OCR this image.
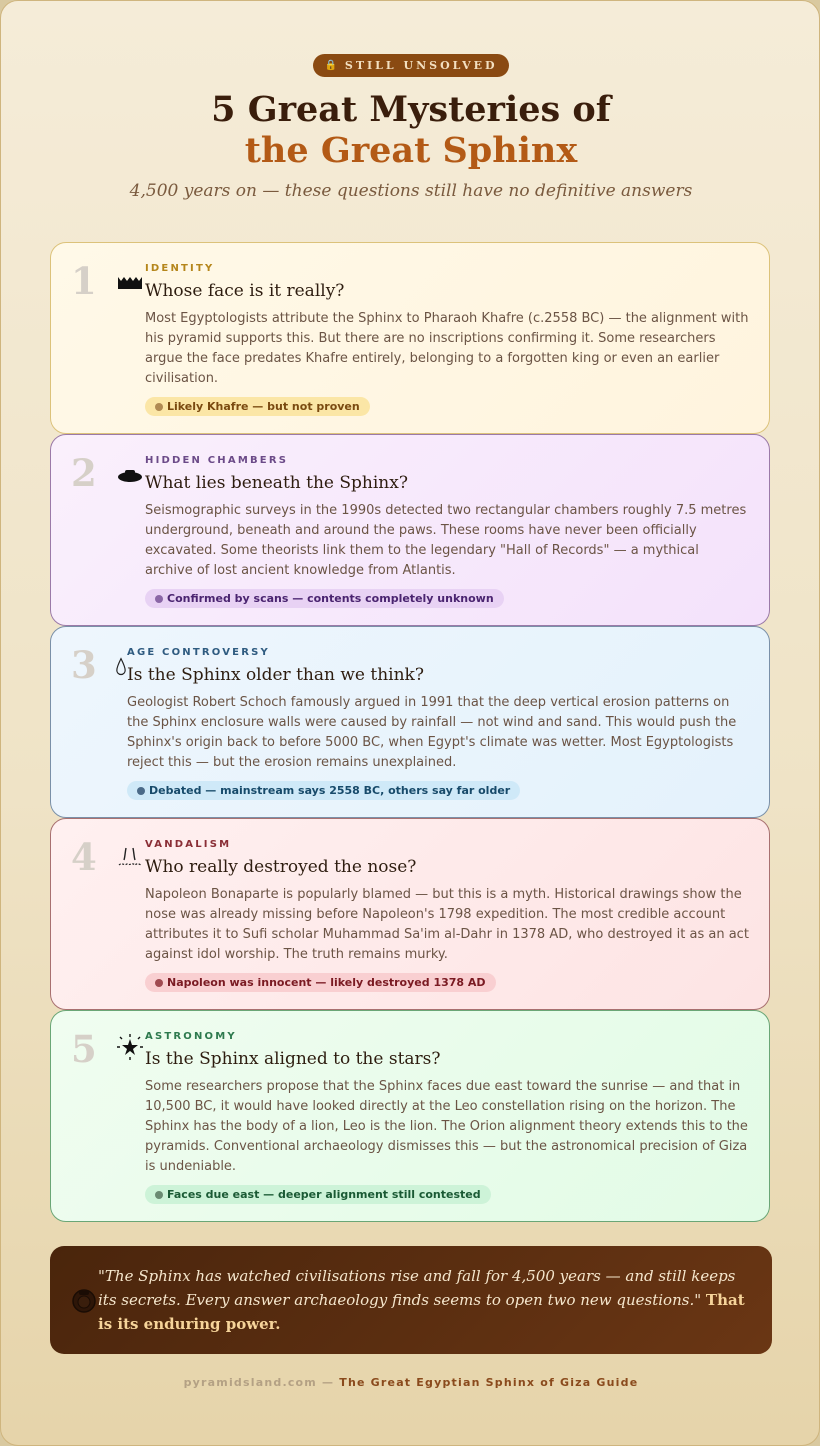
🔒 STILL UNSOLVED
5 Great Mysteries of
the Great Sphinx
4,500 years on — these questions still have no definitive answers
1	IDENTITY
Whose face is it really?
Most Egyptologists attribute the Sphinx to Pharaoh Khafre (c.2558 BC) — the alignment with his pyramid supports this. But there are no inscriptions confirming it. Some researchers argue the face predates Khafre entirely, belonging to a forgotten king or even an earlier civilisation.
Likely Khafre — but not proven
2	HIDDEN CHAMBERS
What lies beneath the Sphinx?
Seismographic surveys in the 1990s detected two rectangular chambers roughly 7.5 metres underground, beneath and around the paws. These rooms have never been officially excavated. Some theorists link them to the legendary "Hall of Records" — a mythical archive of lost ancient knowledge from Atlantis.
Confirmed by scans — contents completely unknown
3	AGE CONTROVERSY
Is the Sphinx older than we think?
Geologist Robert Schoch famously argued in 1991 that the deep vertical erosion patterns on the Sphinx enclosure walls were caused by rainfall — not wind and sand. This would push the Sphinx's origin back to before 5000 BC, when Egypt's climate was wetter. Most Egyptologists reject this — but the erosion remains unexplained.
Debated — mainstream says 2558 BC, others say far older
4	VANDALISM
Who really destroyed the nose?
Napoleon Bonaparte is popularly blamed — but this is a myth. Historical drawings show the nose was already missing before Napoleon's 1798 expedition. The most credible account attributes it to Sufi scholar Muhammad Sa'im al-Dahr in 1378 AD, who destroyed it as an act against idol worship. The truth remains murky.
Napoleon was innocent — likely destroyed 1378 AD
5	ASTRONOMY
Is the Sphinx aligned to the stars?
Some researchers propose that the Sphinx faces due east toward the sunrise — and that in 10,500 BC, it would have looked directly at the Leo constellation rising on the horizon. The Sphinx has the body of a lion, Leo is the lion. The Orion alignment theory extends this to the pyramids. Conventional archaeology dismisses this — but the astronomical precision of Giza is undeniable.
Faces due east — deeper alignment still contested
"The Sphinx has watched civilisations rise and fall for 4,500 years — and still keeps its secrets. Every answer archaeology finds seems to open two new questions." That is its enduring power.
pyramidsland.com — The Great Egyptian Sphinx of Giza Guide
